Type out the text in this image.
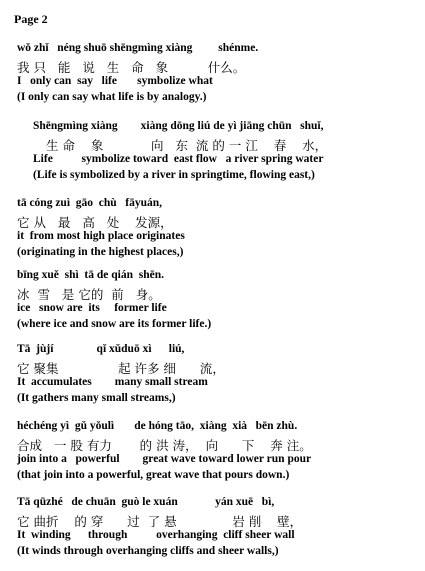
Page 2
wǒ zhǐ   néng shuō shēngmìng xiàng         shénme.
我 只   能   说   生   命   象          什么。
I   only can  say   life       symbolize what
(I only can say what life is by analogy.)
Shēngmìng xiàng        xiàng dōng liú de yì jiāng chūn   shuǐ,
生 命    象            向   东  流 的 一 江    春    水，
Life          symbolize toward  east flow   a river spring water
(Life is symbolized by a river in springtime, flowing east,)
tā cóng zuì  gāo  chù   fāyuán,
它 从   最   高   处    发源，
it  from most high place originates
(originating in the highest places,)
bīng xuě  shì  tā de qián  shēn.
冰  雪   是 它的  前   身。
ice   snow are  its     former life
(where ice and snow are its former life.)
Tā  jùjí               qǐ xǔduō xì      liú,
它 聚集               起 许多 细      流，
It  accumulates        many small stream
(It gathers many small streams,)
héchéng yì  gǔ yǒulì       de hóng tāo,  xiàng  xià   bēn zhù.
合成   一 股 有力       的 洪 涛，  向      下    奔 注。
join into a   powerful        great wave toward lower run pour
(that join into a powerful, great wave that pours down.)
Tā qūzhé   de chuān  guò le xuán             yán xuē   bì,
它 曲折    的 穿      过  了 悬              岩 削    壁，
It  winding      through          overhanging  cliff sheer wall
(It winds through overhanging cliffs and sheer walls,)
